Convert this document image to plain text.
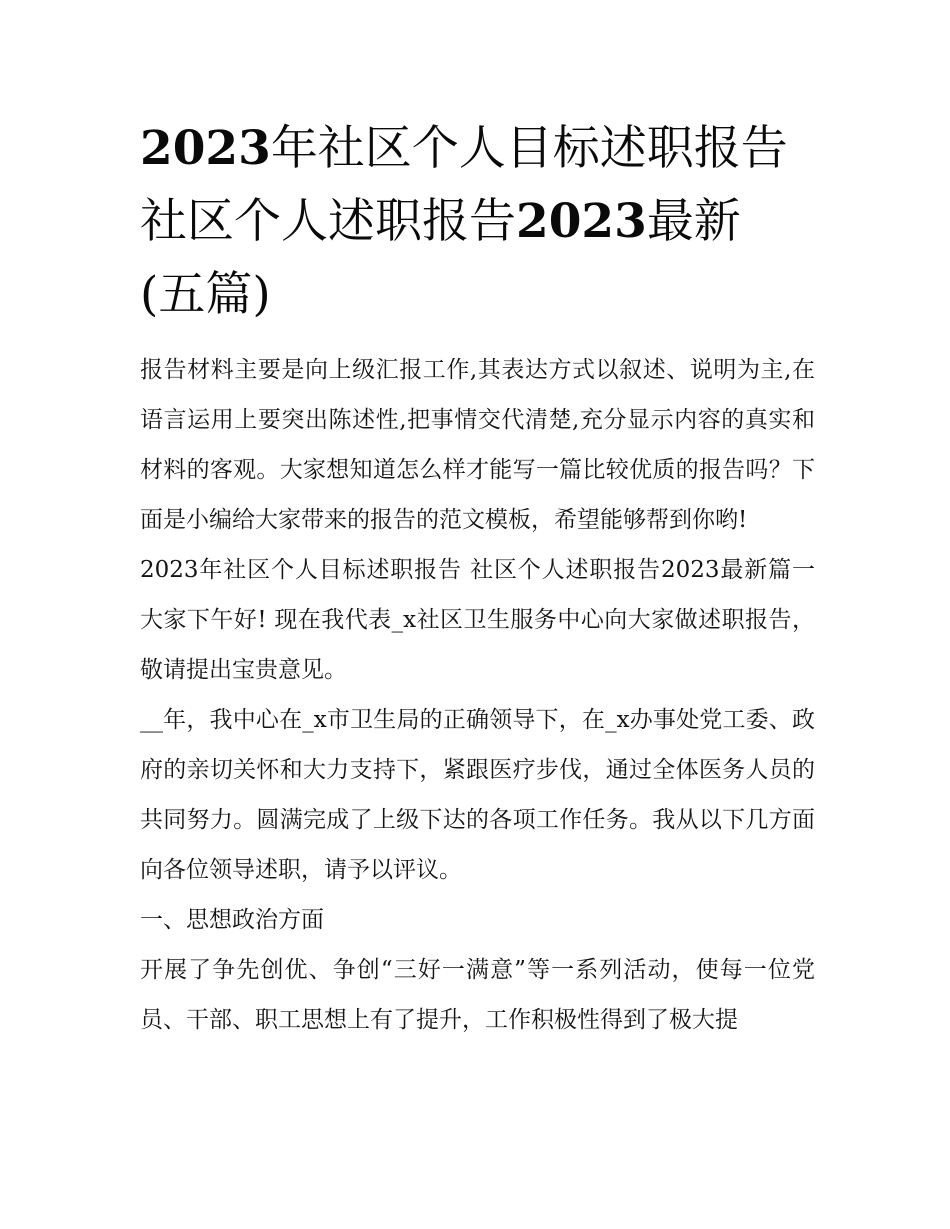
2023年社区个人目标述职报告
社区个人述职报告2023最新
(五篇)

报告材料主要是向上级汇报工作,其表达方式以叙述、说明为主,在语言运用上要突出陈述性,把事情交代清楚,充分显示内容的真实和材料的客观。大家想知道怎么样才能写一篇比较优质的报告吗？下面是小编给大家带来的报告的范文模板，希望能够帮到你哟!

2023年社区个人目标述职报告 社区个人述职报告2023最新篇一 大家下午好! 现在我代表_x社区卫生服务中心向大家做述职报告，敬请提出宝贵意见。

__年，我中心在_x市卫生局的正确领导下，在_x办事处党工委、政府的亲切关怀和大力支持下，紧跟医疗步伐，通过全体医务人员的共同努力。圆满完成了上级下达的各项工作任务。我从以下几方面向各位领导述职，请予以评议。

一、思想政治方面

开展了争先创优、争创“三好一满意”等一系列活动，使每一位党员、干部、职工思想上有了提升，工作积极性得到了极大提
